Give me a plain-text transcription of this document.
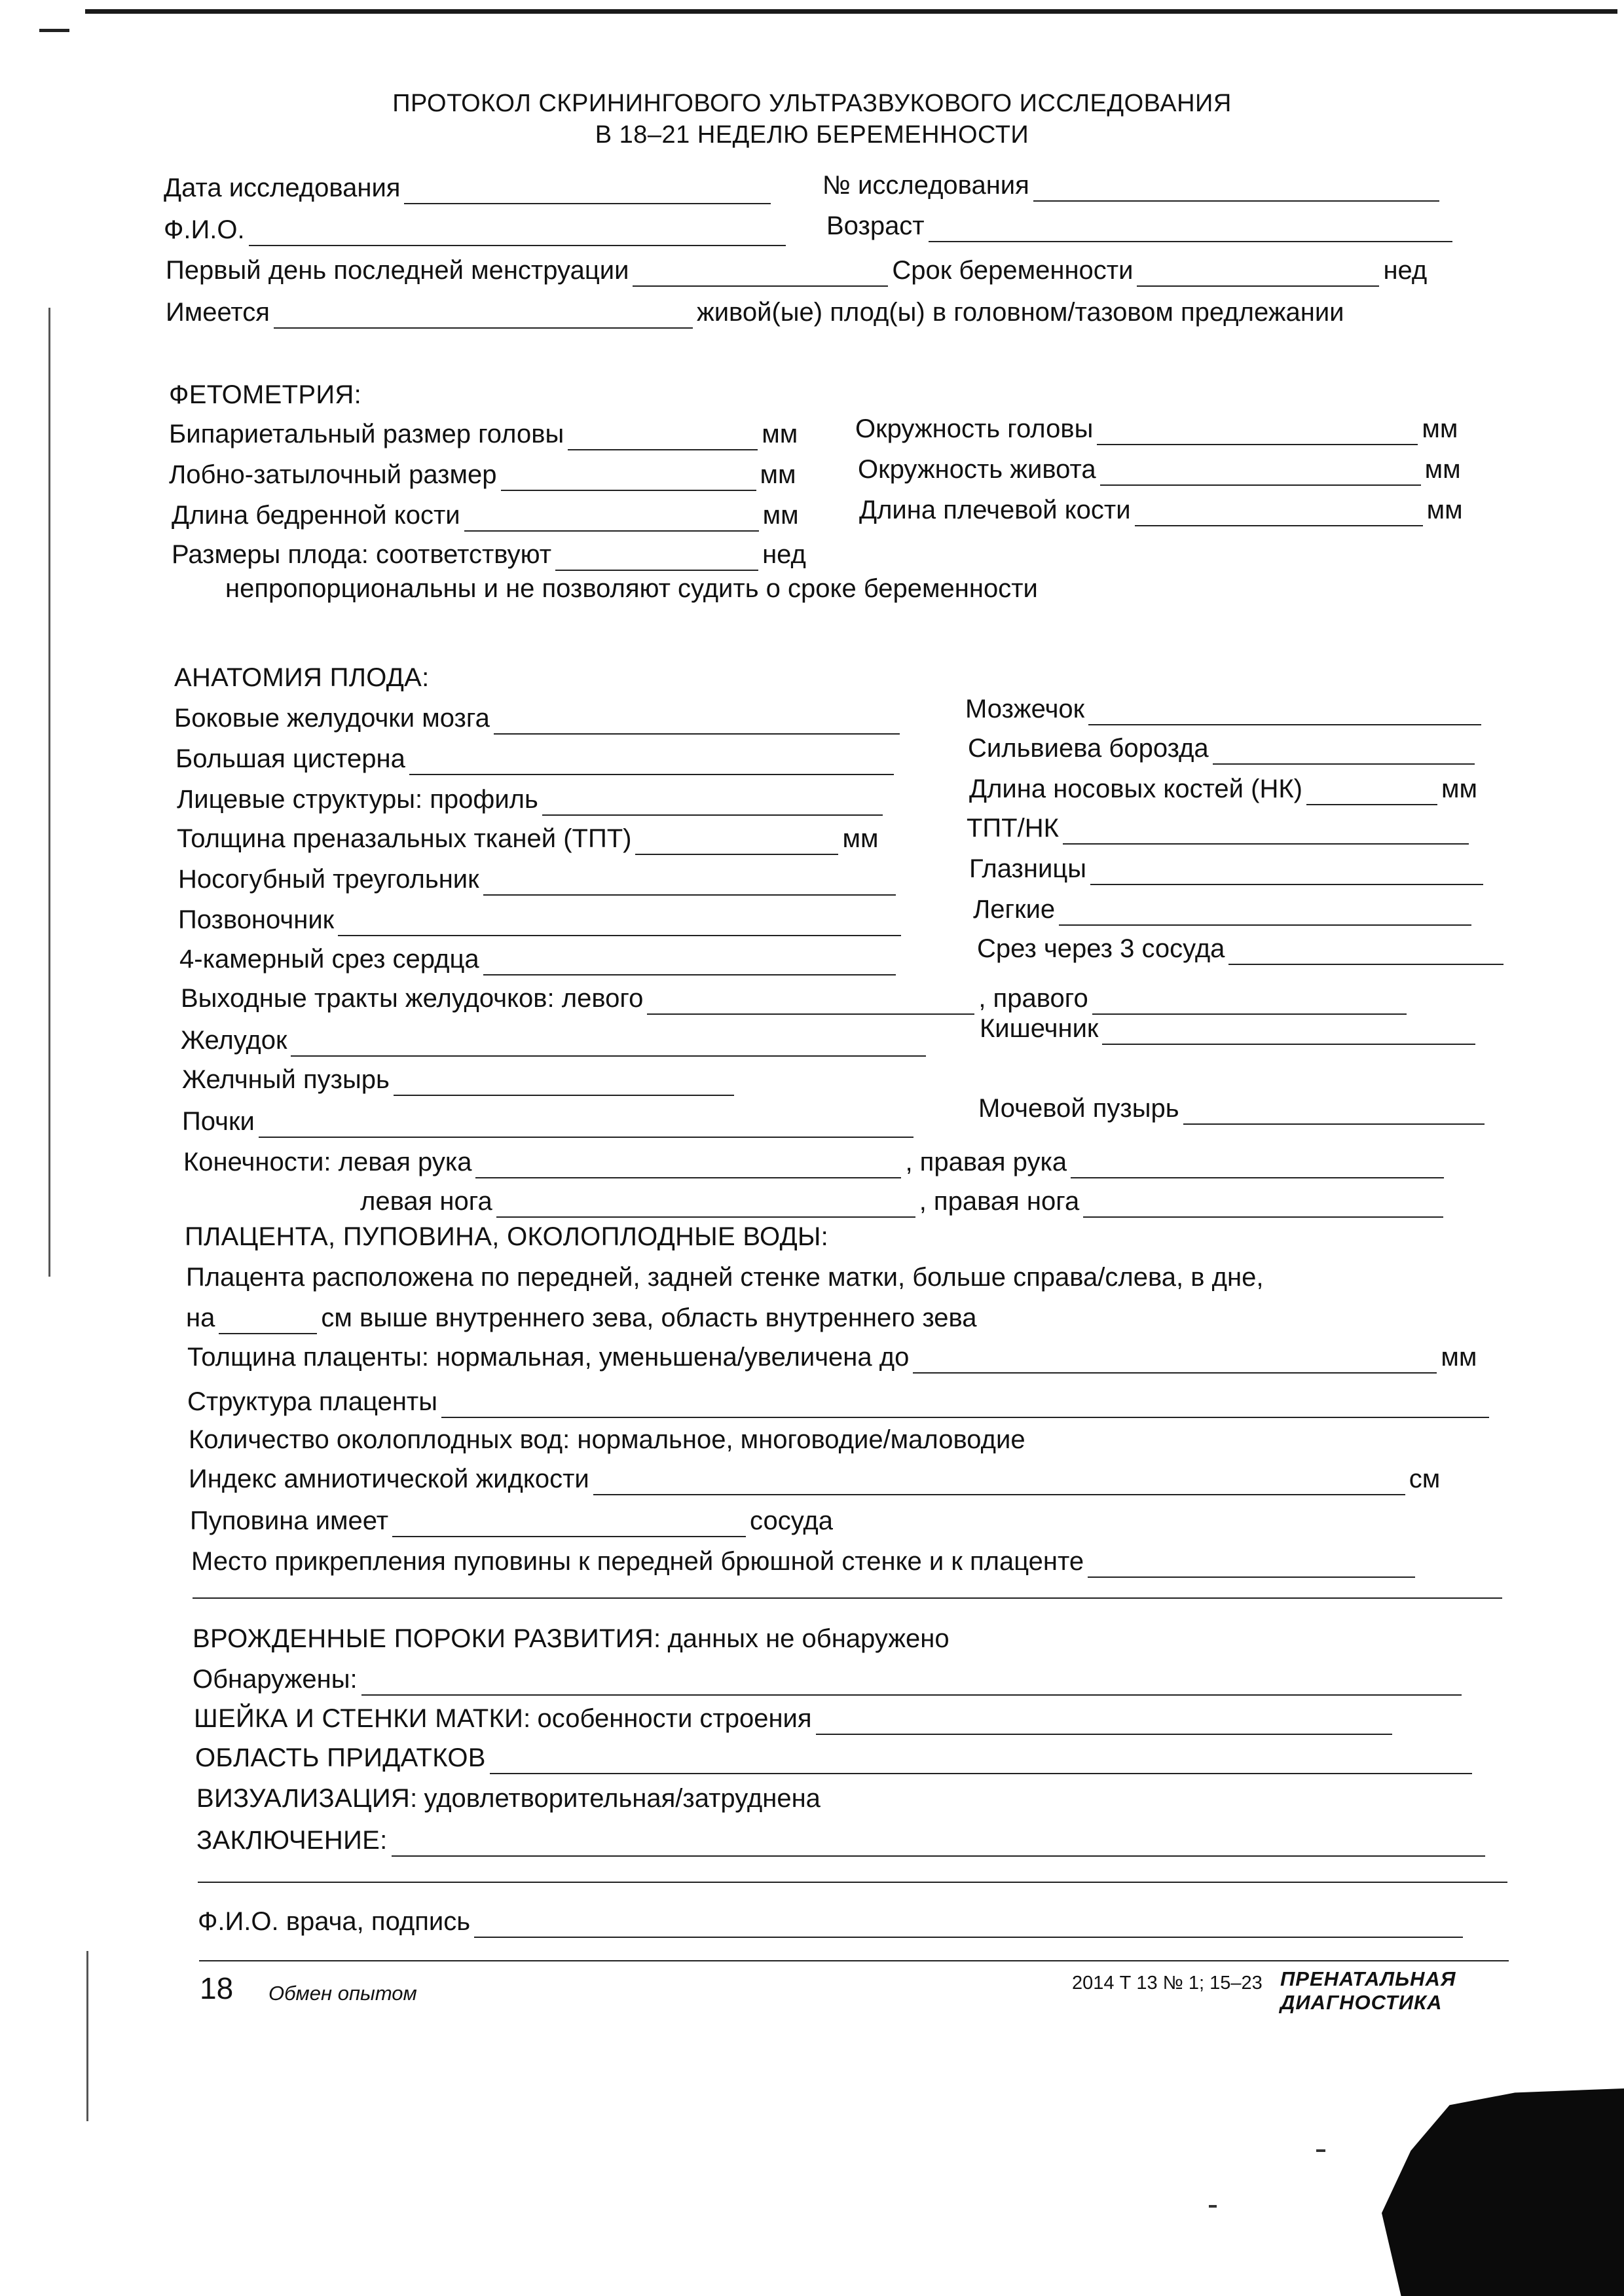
ПРОТОКОЛ СКРИНИНГОВОГО УЛЬТРАЗВУКОВОГО ИССЛЕДОВАНИЯ
В 18–21 НЕДЕЛЮ БЕРЕМЕННОСТИ
Дата исследования	№ исследования
Ф.И.О.	Возраст
Первый день последней менструации	Срок беременности	нед
Имеется	живой(ые) плод(ы) в головном/тазовом предлежании
ФЕТОМЕТРИЯ:
Бипариетальный размер головы	мм Окружность головы	мм
Лобно-затылочный размер	мм Окружность живота	мм
Длина бедренной кости	мм Длина плечевой кости	мм
Размеры плода: соответствуют	нед
непропорциональны и не позволяют судить о сроке беременности
АНАТОМИЯ ПЛОДА:
Боковые желудочки мозга	Мозжечок
Большая цистерна	Сильвиева борозда
Лицевые структуры: профиль	Длина носовых костей (НК)	мм
Толщина преназальных тканей (ТПТ)	мм	ТПТ/НК
Носогубный треугольник	Глазницы
Позвоночник	Легкие
4-камерный срез сердца	Срез через 3 сосуда
Выходные тракты желудочков: левого	, правого
Желудок	Кишечник
Желчный пузырь
Почки	Мочевой пузырь
Конечности: левая рука	, правая рука
левая нога	, правая нога
ПЛАЦЕНТА, ПУПОВИНА, ОКОЛОПЛОДНЫЕ ВОДЫ:
Плацента расположена по передней, задней стенке матки, больше справа/слева, в дне,
на	см выше внутреннего зева, область внутреннего зева
Толщина плаценты: нормальная, уменьшена/увеличена до	мм
Структура плаценты
Количество околоплодных вод: нормальное, многоводие/маловодие
Индекс амниотической жидкости	см
Пуповина имеет	сосуда
Место прикрепления пуповины к передней брюшной стенке и к плаценте
ВРОЖДЕННЫЕ ПОРОКИ РАЗВИТИЯ: данных не обнаружено
Обнаружены:
ШЕЙКА И СТЕНКИ МАТКИ: особенности строения
ОБЛАСТЬ ПРИДАТКОВ
ВИЗУАЛИЗАЦИЯ: удовлетворительная/затруднена
ЗАКЛЮЧЕНИЕ:
Ф.И.О. врача, подпись
18 Обмен опытом	2014 Т 13 № 1; 15–23 ПРЕНАТАЛЬНАЯ ДИАГНОСТИКА
